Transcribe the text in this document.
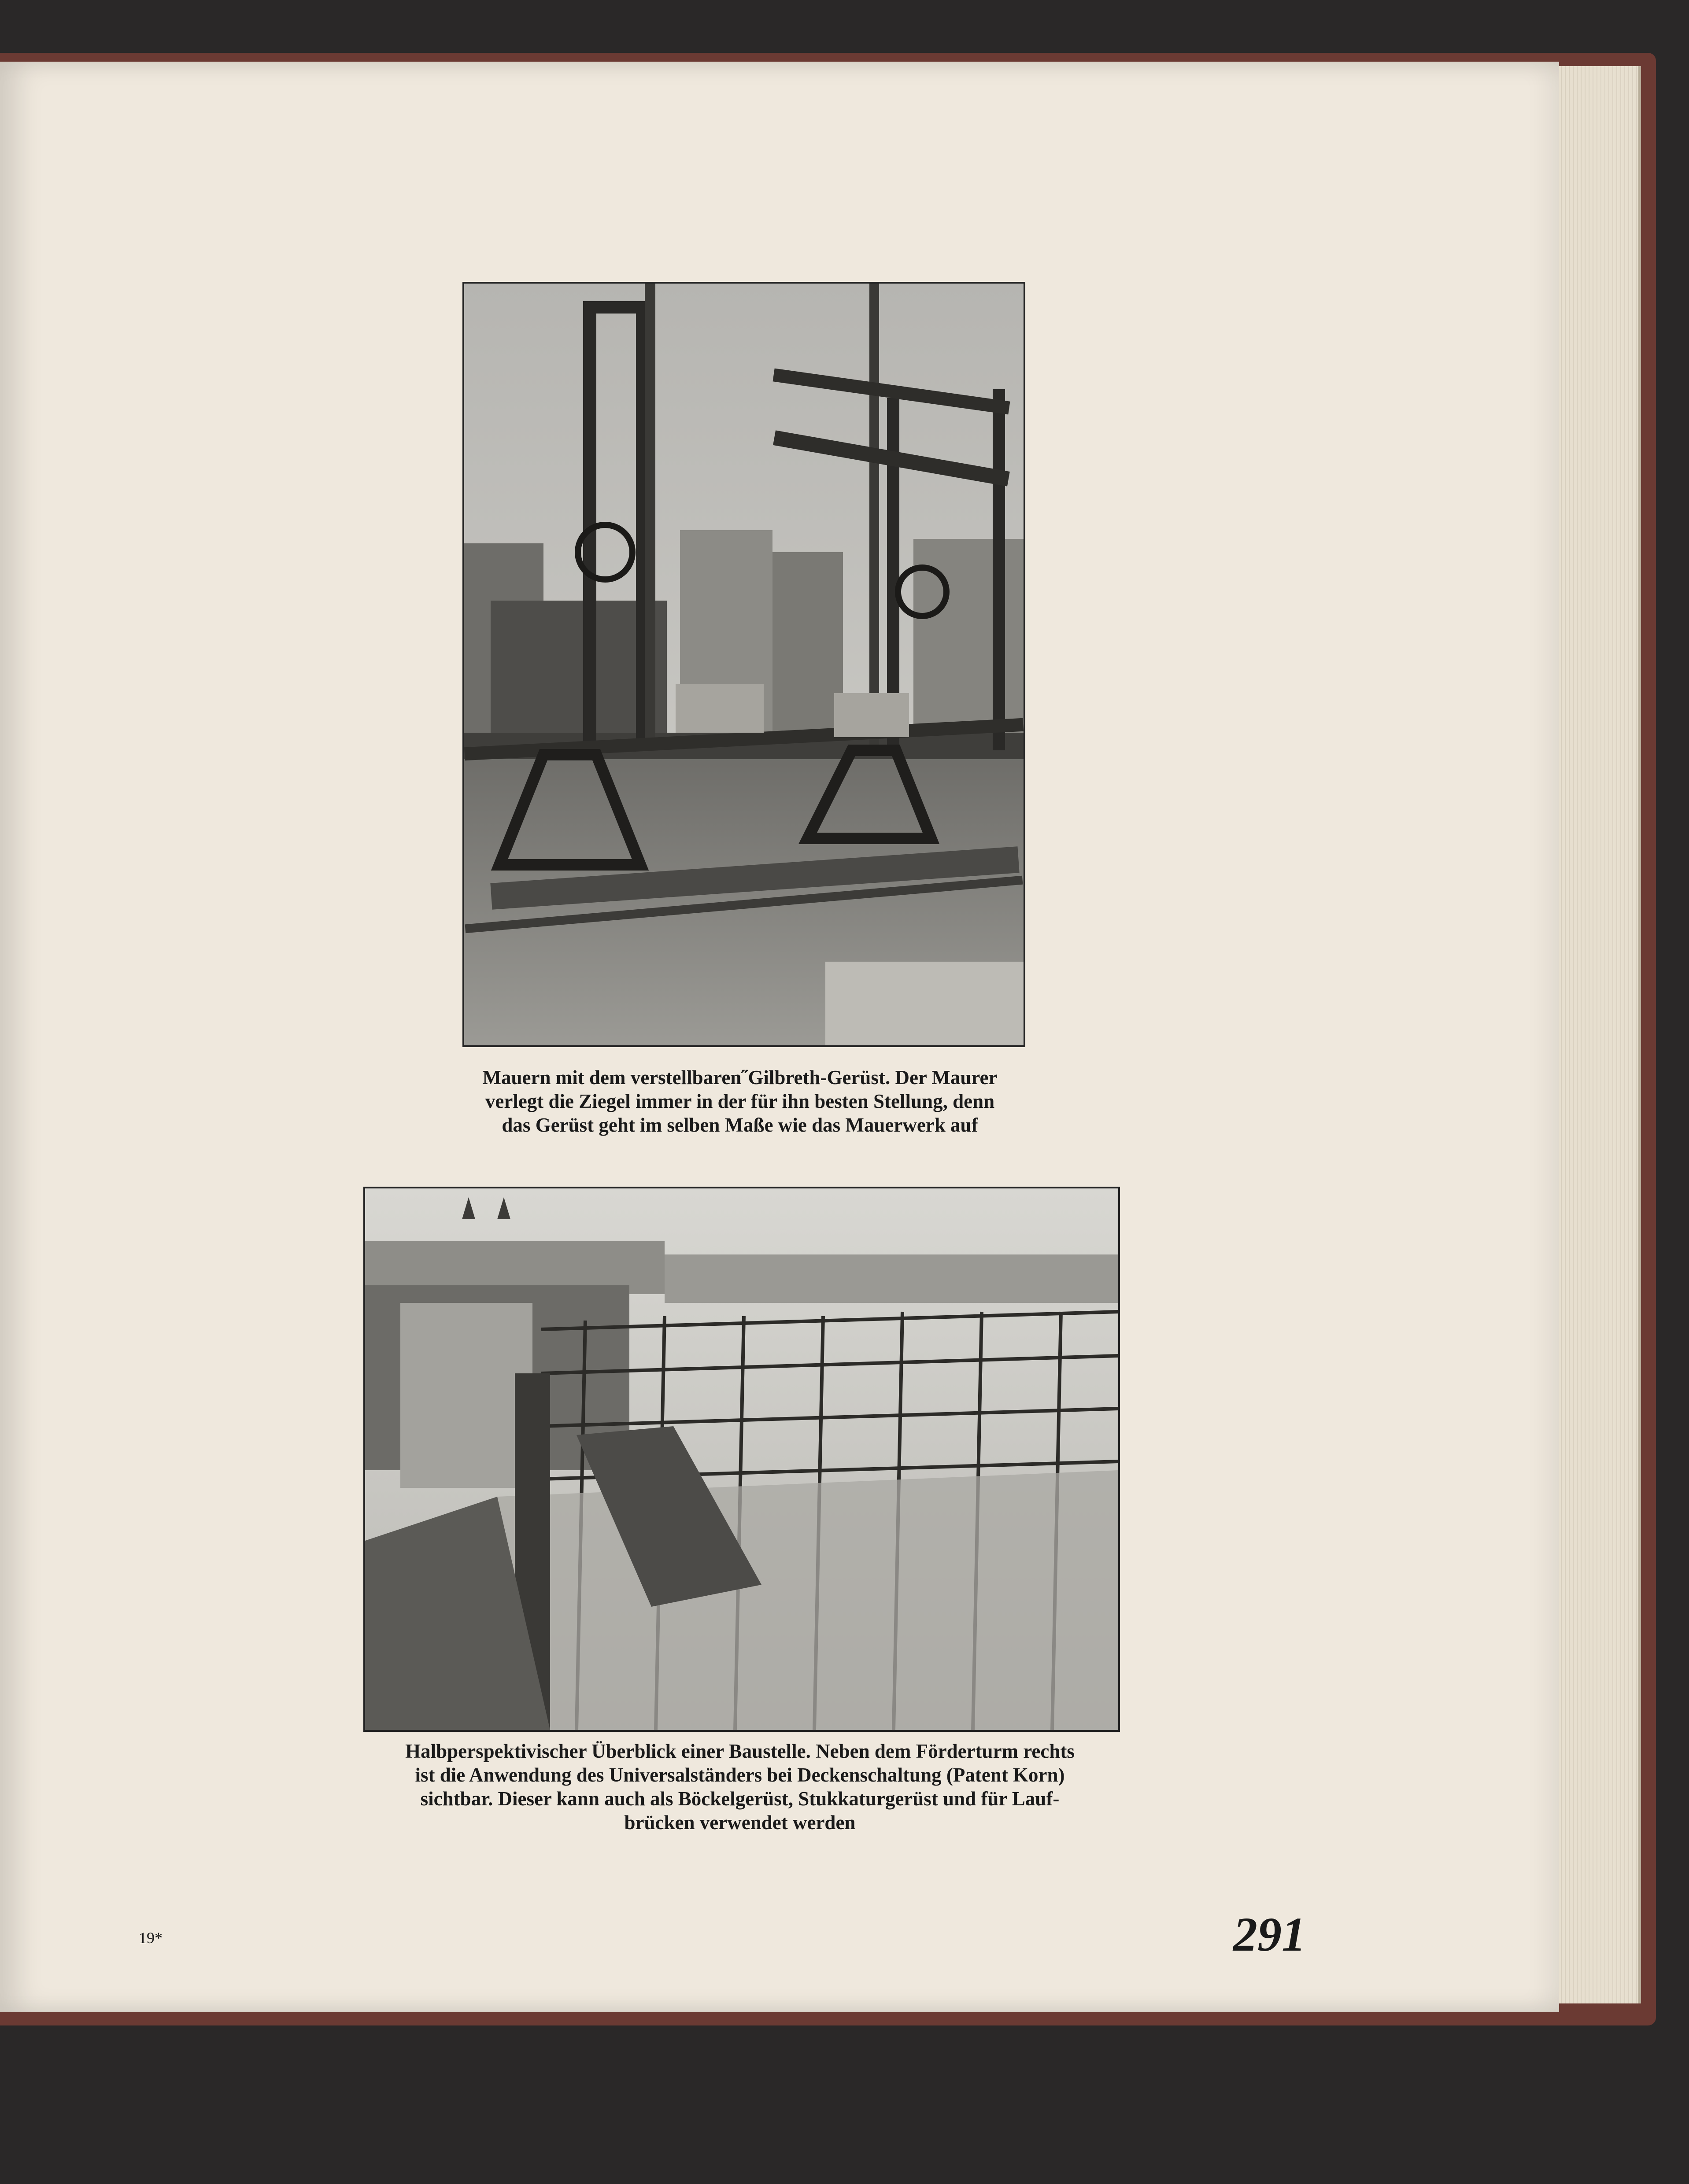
Mauern mit dem verstellbaren˝Gilbreth-Gerüst. Der Maurer
verlegt die Ziegel immer in der für ihn besten Stellung, denn
das Gerüst geht im selben Maße wie das Mauerwerk auf
Halbperspektivischer Überblick einer Baustelle. Neben dem Förderturm rechts
ist die Anwendung des Universalständers bei Deckenschaltung (Patent Korn)
sichtbar. Dieser kann auch als Böckelgerüst, Stukkaturgerüst und für Lauf-
brücken verwendet werden
19*	291
